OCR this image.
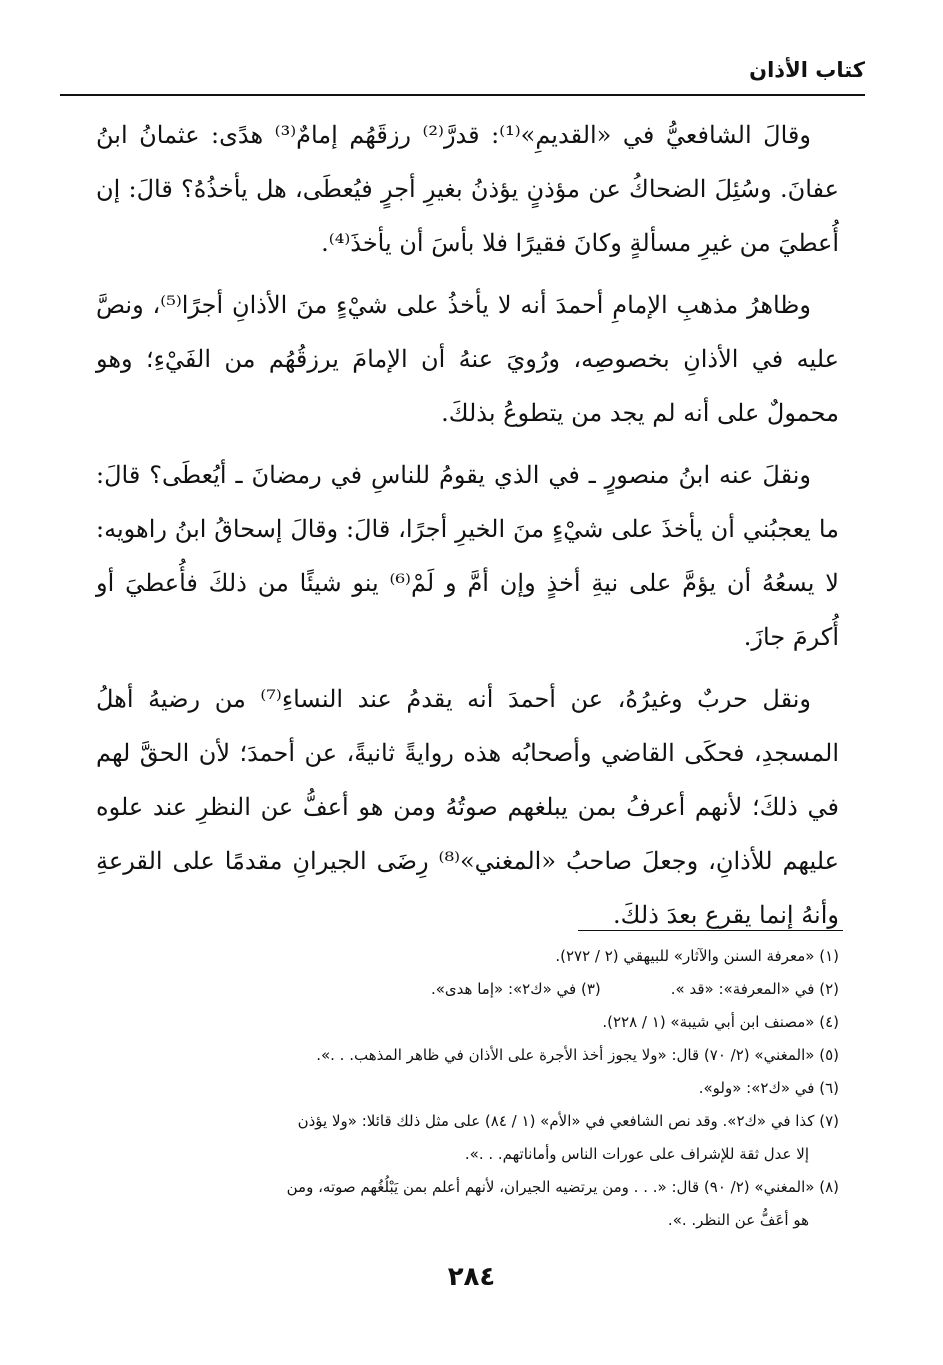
كتاب الأذان

وقالَ الشافعيُّ في «القديمِ»⁽¹⁾: قدرَّ⁽²⁾ رزقَهُم إمامٌ⁽³⁾ هدًى: عثمانُ ابنُ عفانَ. وسُئِلَ الضحاكُ عن مؤذنٍ يؤذنُ بغيرِ أجرٍ فيُعطَى، هل يأخذُهُ؟ قالَ: إن أُعطيَ من غيرِ مسألةٍ وكانَ فقيرًا فلا بأسَ أن يأخذَ⁽⁴⁾.

وظاهرُ مذهبِ الإمامِ أحمدَ أنه لا يأخذُ على شيْءٍ منَ الأذانِ أجرًا⁽⁵⁾، ونصَّ عليه في الأذانِ بخصوصِه، ورُويَ عنهُ أن الإمامَ يرزقُهُم من الفَيْءِ؛ وهو محمولٌ على أنه لم يجد من يتطوعُ بذلكَ.

ونقلَ عنه ابنُ منصورٍ ـ في الذي يقومُ للناسِ في رمضانَ ـ أيُعطَى؟ قالَ: ما يعجبُني أن يأخذَ على شيْءٍ منَ الخيرِ أجرًا، قالَ: وقالَ إسحاقُ ابنُ راهويه: لا يسعُهُ أن يؤمَّ على نيةِ أخذٍ وإن أمَّ و لَمْ⁽⁶⁾ ينو شيئًا من ذلكَ فأُعطيَ أو أُكرمَ جازَ.

ونقل حربٌ وغيرُهُ، عن أحمدَ أنه يقدمُ عند النساءِ⁽⁷⁾ من رضيهُ أهلُ المسجدِ، فحكَى القاضي وأصحابُه هذه روايةً ثانيةً، عن أحمدَ؛ لأن الحقَّ لهم في ذلكَ؛ لأنهم أعرفُ بمن يبلغهم صوتُهُ ومن هو أعفُّ عن النظرِ عند علوه عليهم للأذانِ، وجعلَ صاحبُ «المغني»⁽⁸⁾ رِضَى الجيرانِ مقدمًا على القرعةِ وأنهُ إنما يقرع بعدَ ذلكَ.

(١) «معرفة السنن والآثار» للبيهقي (٢ / ٢٧٢).

(٢) في «المعرفة»: «قد ».
(٣) في «ك٢»: «إما هدى».

(٤) «مصنف ابن أبي شيبة» (١ / ٢٢٨).

(٥) «المغني» (٢/ ٧٠) قال: «ولا يجوز أخذ الأجرة على الأذان في ظاهر المذهب. . .».

(٦) في «ك٢»: «ولو».

(٧) كذا في «ك٢». وقد نص الشافعي في «الأم» (١ / ٨٤) على مثل ذلك قائلا: «ولا يؤذن

إلا عدل ثقة للإشراف على عورات الناس وأماناتهم. . .».

(٨) «المغني» (٢/ ٩٠) قال: «. . . ومن يرتضيه الجيران، لأنهم أعلم بمن يَبْلُغُهم صوته، ومن

هو أعَفُّ عن النظر. .».

٢٨٤
